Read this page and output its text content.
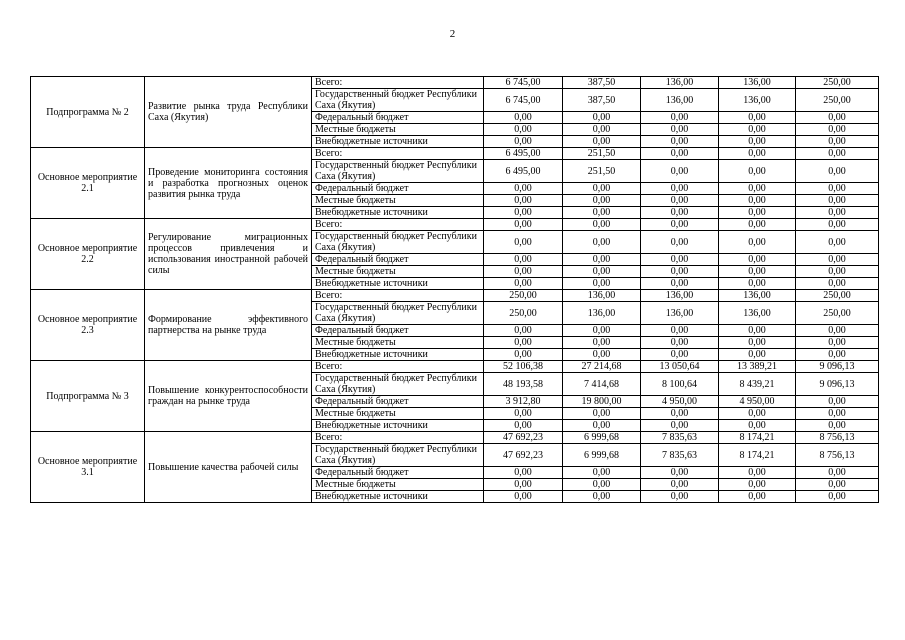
2
Подпрограмма № 2	Развитие рынка труда Республики Саха (Якутия)	Всего:	6 745,00	387,50	136,00	136,00	250,00
		Государственный бюджет Республики Саха (Якутия)	6 745,00	387,50	136,00	136,00	250,00
		Федеральный бюджет	0,00	0,00	0,00	0,00	0,00
		Местные бюджеты	0,00	0,00	0,00	0,00	0,00
		Внебюджетные источники	0,00	0,00	0,00	0,00	0,00
Основное мероприятие 2.1	Проведение мониторинга состояния и разработка прогнозных оценок развития рынка труда	Всего:	6 495,00	251,50	0,00	0,00	0,00
		Государственный бюджет Республики Саха (Якутия)	6 495,00	251,50	0,00	0,00	0,00
		Федеральный бюджет	0,00	0,00	0,00	0,00	0,00
		Местные бюджеты	0,00	0,00	0,00	0,00	0,00
		Внебюджетные источники	0,00	0,00	0,00	0,00	0,00
Основное мероприятие 2.2	Регулирование миграционных процессов привлечения и использования иностранной рабочей силы	Всего:	0,00	0,00	0,00	0,00	0,00
		Государственный бюджет Республики Саха (Якутия)	0,00	0,00	0,00	0,00	0,00
		Федеральный бюджет	0,00	0,00	0,00	0,00	0,00
		Местные бюджеты	0,00	0,00	0,00	0,00	0,00
		Внебюджетные источники	0,00	0,00	0,00	0,00	0,00
Основное мероприятие 2.3	Формирование эффективного партнерства на рынке труда	Всего:	250,00	136,00	136,00	136,00	250,00
		Государственный бюджет Республики Саха (Якутия)	250,00	136,00	136,00	136,00	250,00
		Федеральный бюджет	0,00	0,00	0,00	0,00	0,00
		Местные бюджеты	0,00	0,00	0,00	0,00	0,00
		Внебюджетные источники	0,00	0,00	0,00	0,00	0,00
Подпрограмма № 3	Повышение конкурентоспособности граждан на рынке труда	Всего:	52 106,38	27 214,68	13 050,64	13 389,21	9 096,13
		Государственный бюджет Республики Саха (Якутия)	48 193,58	7 414,68	8 100,64	8 439,21	9 096,13
		Федеральный бюджет	3 912,80	19 800,00	4 950,00	4 950,00	0,00
		Местные бюджеты	0,00	0,00	0,00	0,00	0,00
		Внебюджетные источники	0,00	0,00	0,00	0,00	0,00
Основное мероприятие 3.1	Повышение качества рабочей силы	Всего:	47 692,23	6 999,68	7 835,63	8 174,21	8 756,13
		Государственный бюджет Республики Саха (Якутия)	47 692,23	6 999,68	7 835,63	8 174,21	8 756,13
		Федеральный бюджет	0,00	0,00	0,00	0,00	0,00
		Местные бюджеты	0,00	0,00	0,00	0,00	0,00
		Внебюджетные источники	0,00	0,00	0,00	0,00	0,00
